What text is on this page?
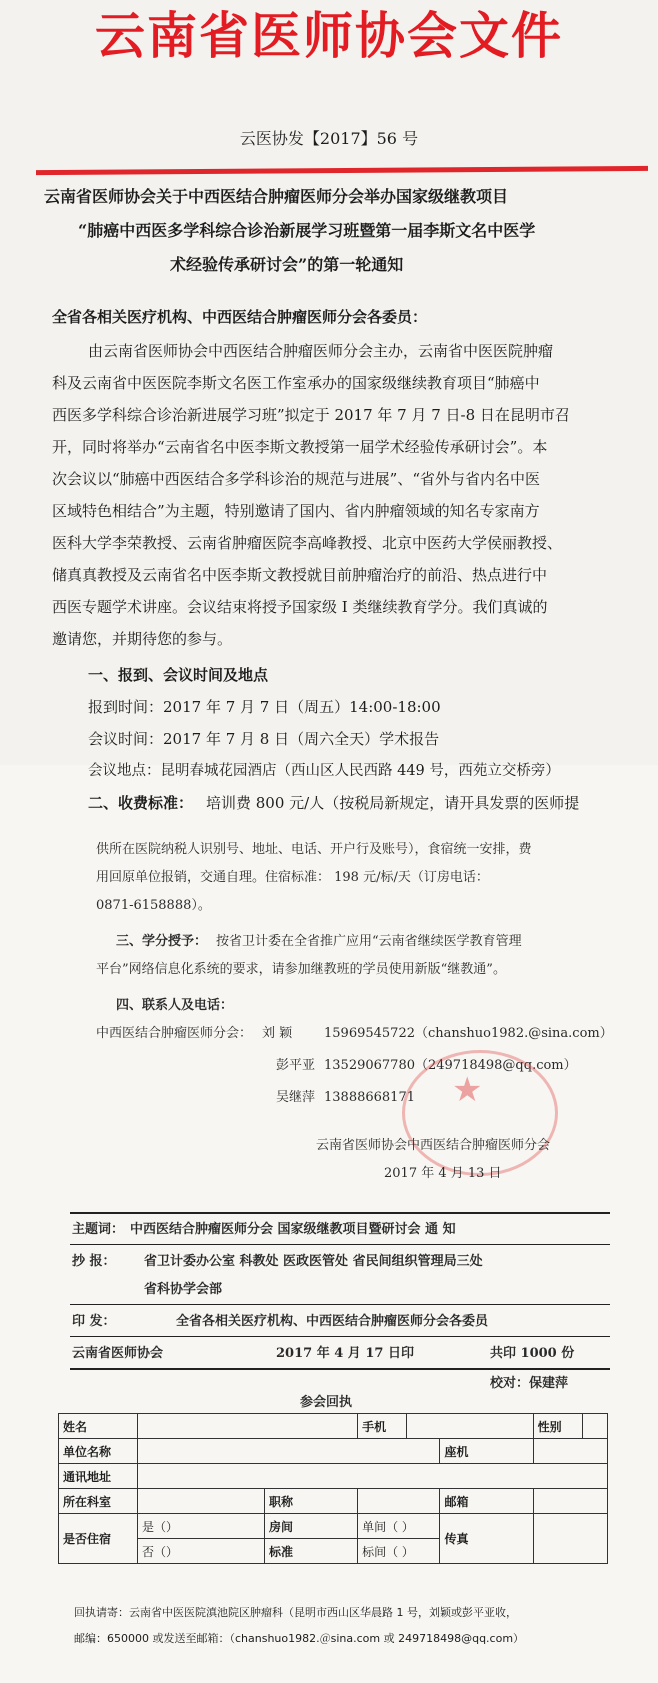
云南省医师协会文件
云医协发【2017】56 号
云南省医师协会关于中西医结合肿瘤医师分会举办国家级继教项目
“肺癌中西医多学科综合诊治新展学习班暨第一届李斯文名中医学
术经验传承研讨会”的第一轮通知
全省各相关医疗机构、中西医结合肿瘤医师分会各委员：
由云南省医师协会中西医结合肿瘤医师分会主办，云南省中医医院肿瘤
科及云南省中医医院李斯文名医工作室承办的国家级继续教育项目“肺癌中
西医多学科综合诊治新进展学习班”拟定于 2017 年 7 月 7 日-8 日在昆明市召
开，同时将举办“云南省名中医李斯文教授第一届学术经验传承研讨会”。本
次会议以“肺癌中西医结合多学科诊治的规范与进展”、“省外与省内名中医
区域特色相结合”为主题，特别邀请了国内、省内肿瘤领域的知名专家南方
医科大学李荣教授、云南省肿瘤医院李高峰教授、北京中医药大学侯丽教授、
储真真教授及云南省名中医李斯文教授就目前肿瘤治疗的前沿、热点进行中
西医专题学术讲座。会议结束将授予国家级 I 类继续教育学分。我们真诚的
邀请您，并期待您的参与。
一、报到、会议时间及地点
报到时间：2017 年 7 月 7 日（周五）14:00-18:00
会议时间：2017 年 7 月 8 日（周六全天）学术报告
会议地点：昆明春城花园酒店（西山区人民西路 449 号，西苑立交桥旁）
二、收费标准： 培训费 800 元/人（按税局新规定，请开具发票的医师提
供所在医院纳税人识别号、地址、电话、开户行及账号），食宿统一安排，费
用回原单位报销，交通自理。住宿标准： 198 元/标/天（订房电话：
0871-6158888）。
三、学分授予： 按省卫计委在全省推广应用“云南省继续医学教育管理
平台”网络信息化系统的要求，请参加继教班的学员使用新版“继教通”。
四、联系人及电话：
中西医结合肿瘤医师分会： 刘 颖 15969545722（chanshuo1982.@sina.com）
彭平亚 13529067780（249718498@qq.com）
吴继萍 13888668171 ★
云南省医师协会中西医结合肿瘤医师分会
2017 年 4 月 13 日
主题词： 中西医结合肿瘤医师分会 国家级继教项目暨研讨会 通 知
抄 报： 省卫计委办公室 科教处 医政医管处 省民间组织管理局三处
省科协学会部
印 发：	全省各相关医疗机构、中西医结合肿瘤医师分会各委员
云南省医师协会	2017 年 4 月 17 日印	共印 1000 份
校对：保建萍
参会回执
姓名			手机			性别	
单位名称					座机		
通讯地址							
所在科室		职称			邮箱		
是否住宿	是（）	房间	单间（ ）		传真		
	否（）	标准	标间（ ）				
回执请寄：云南省中医医院滇池院区肿瘤科（昆明市西山区华晨路 1 号，刘颖或彭平亚收，
邮编：650000 或发送至邮箱：（chanshuo1982.＠sina.com 或 249718498@qq.com）
